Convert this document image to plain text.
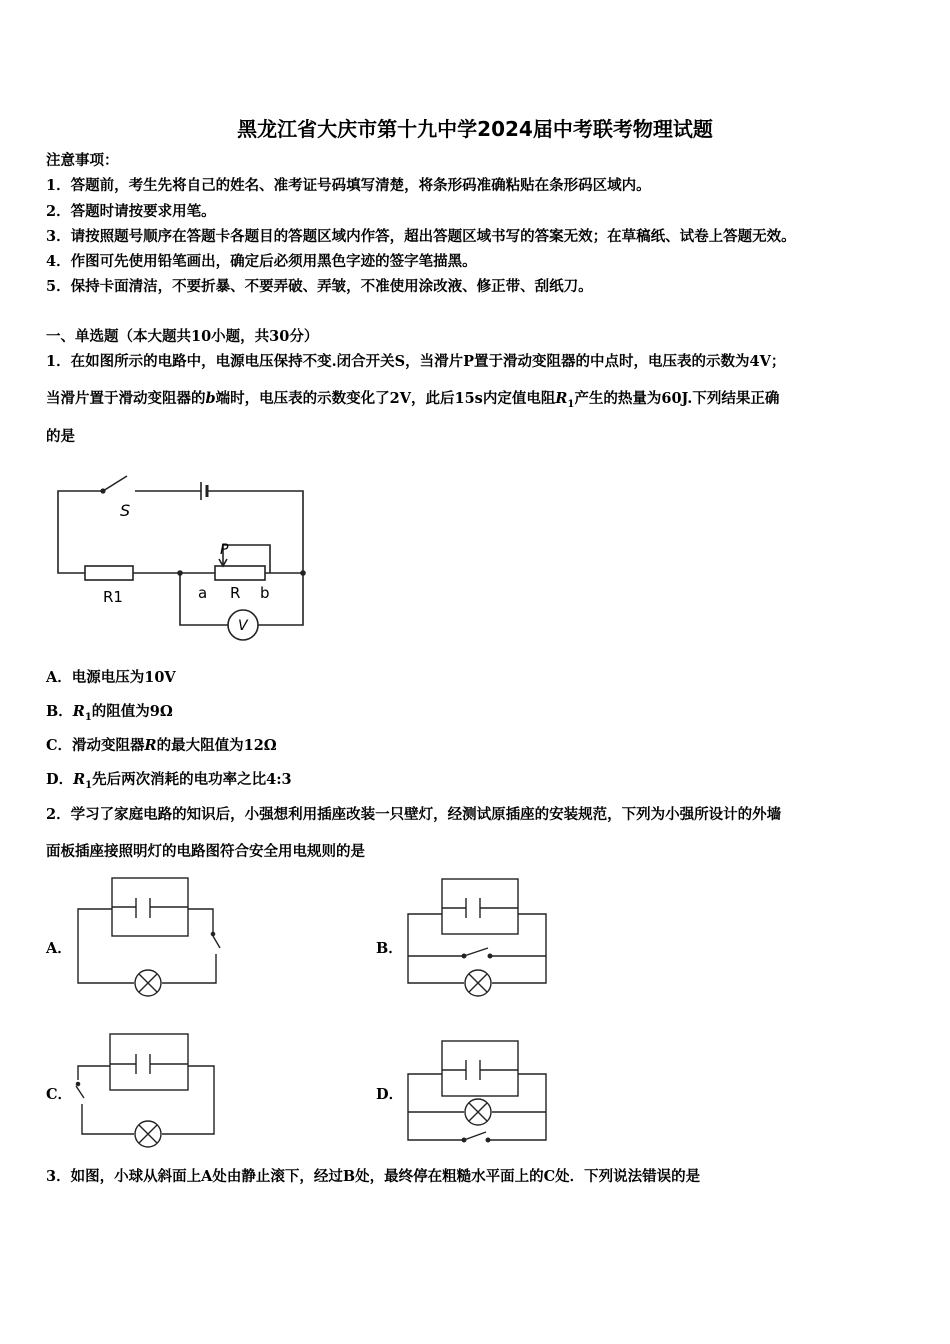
黑龙江省大庆市第十九中学2024届中考联考物理试题
注意事项：
1．答题前，考生先将自己的姓名、准考证号码填写清楚，将条形码准确粘贴在条形码区域内。
2．答题时请按要求用笔。
3．请按照题号顺序在答题卡各题目的答题区域内作答，超出答题区域书写的答案无效；在草稿纸、试卷上答题无效。
4．作图可先使用铅笔画出，确定后必须用黑色字迹的签字笔描黑。
5．保持卡面清洁，不要折暴、不要弄破、弄皱，不准使用涂改液、修正带、刮纸刀。
一、单选题（本大题共10小题，共30分）
1．在如图所示的电路中，电源电压保持不变.闭合开关S，当滑片P置于滑动变阻器的中点时，电压表的示数为4V；
当滑片置于滑动变阻器的b端时，电压表的示数变化了2V，此后15s内定值电阻$R_1$产生的热量为60J.下列结果正确
的是
S
P
R1	a R b
V
A．电源电压为10V
B．$R_1$的阻值为9Ω
C．滑动变阻器R的最大阻值为12Ω
D．$R_1$先后两次消耗的电功率之比4:3
2．学习了家庭电路的知识后，小强想利用插座改装一只壁灯，经测试原插座的安装规范，下列为小强所设计的外墙
面板插座接照明灯的电路图符合安全用电规则的是
A．	B．
C．	D．
3．如图，小球从斜面上A处由静止滚下，经过B处，最终停在粗糙水平面上的C处．下列说法错误的是
